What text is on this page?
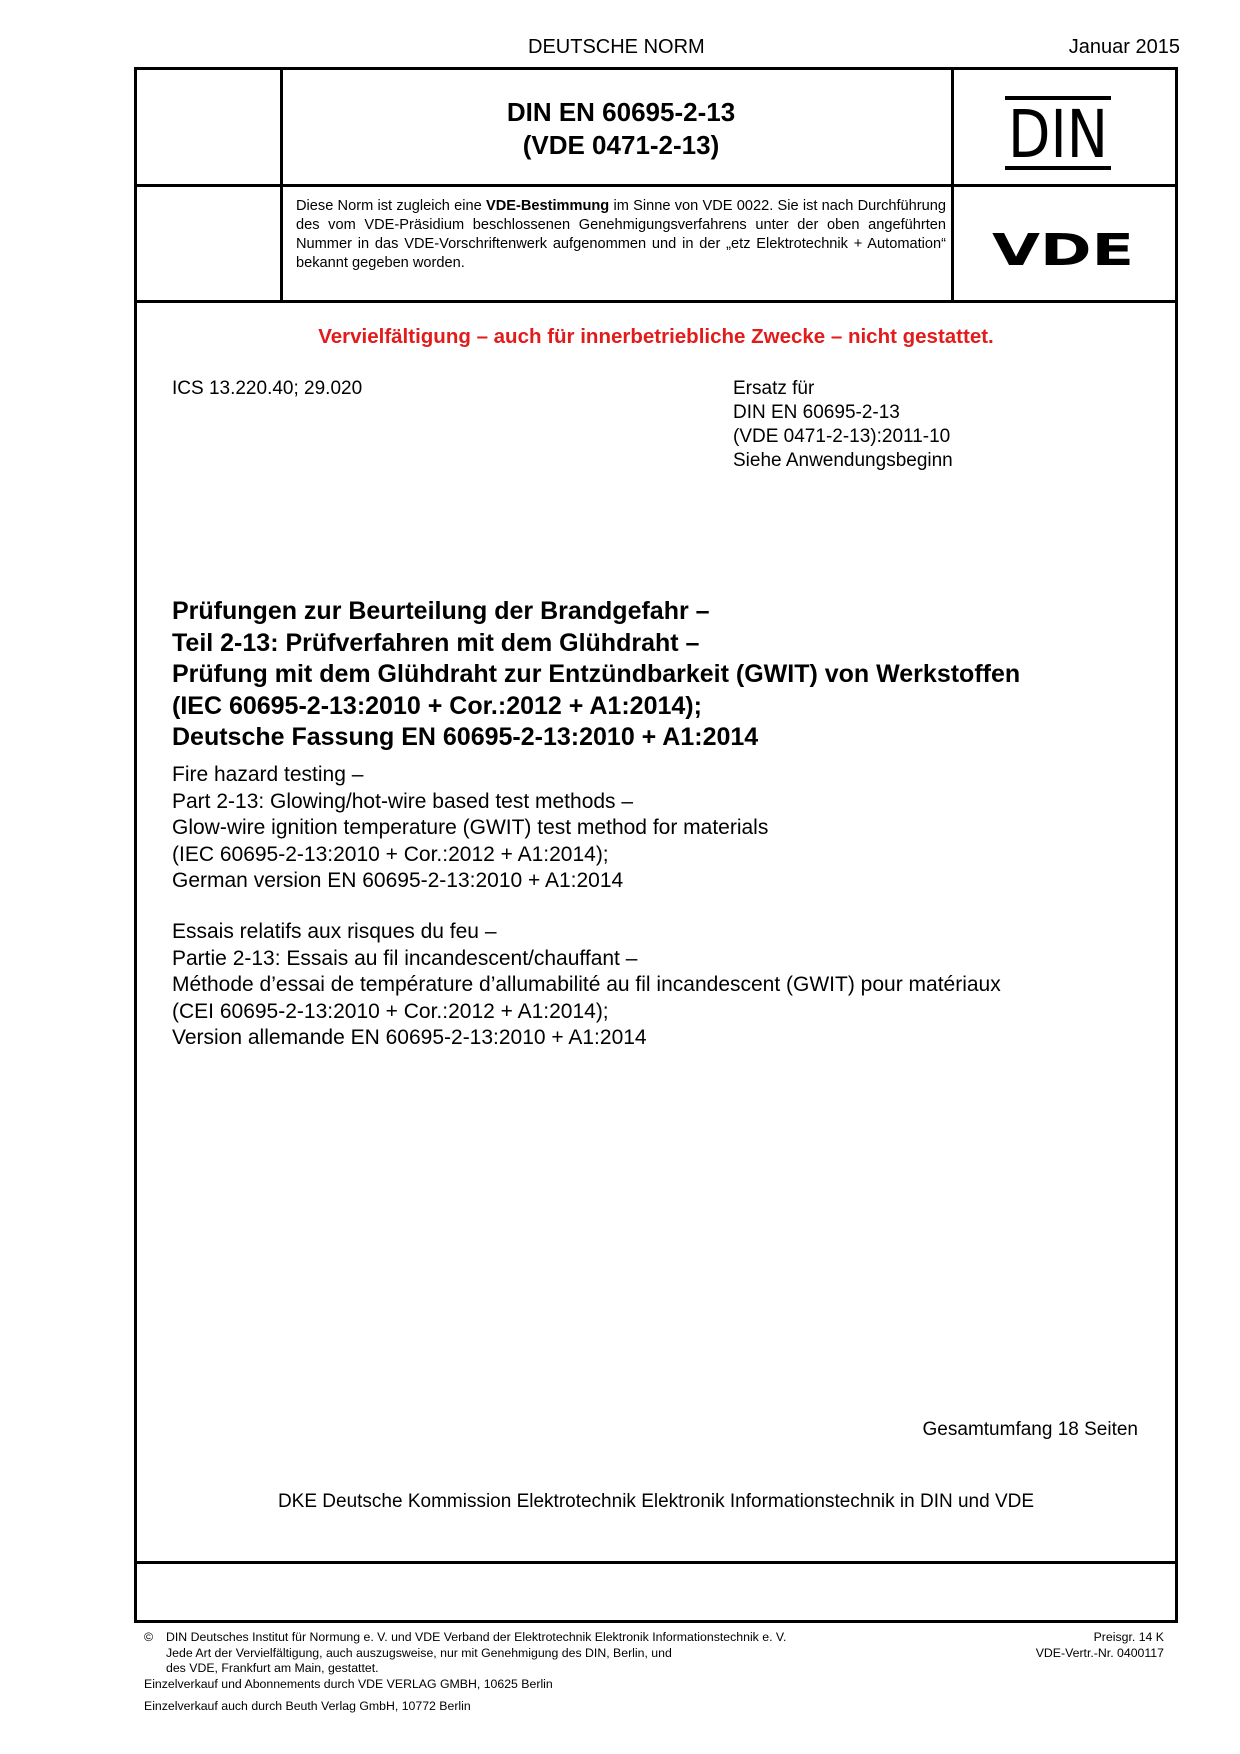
DEUTSCHE NORM	Januar 2015
DIN EN 60695-2-13
(VDE 0471-2-13)	DIN
Diese Norm ist zugleich eine VDE-Bestimmung im Sinne von VDE 0022. Sie ist nach Durchführung des vom VDE-Präsidium beschlossenen Genehmigungsverfahrens unter der oben angeführten Nummer in das VDE-Vorschriftenwerk aufgenommen und in der „etz Elektrotechnik + Automation“ bekannt gegeben worden.	VDE
Vervielfältigung – auch für innerbetriebliche Zwecke – nicht gestattet.
ICS 13.220.40; 29.020	Ersatz für
DIN EN 60695-2-13
(VDE 0471-2-13):2011-10
Siehe Anwendungsbeginn
Prüfungen zur Beurteilung der Brandgefahr –
Teil 2-13: Prüfverfahren mit dem Glühdraht –
Prüfung mit dem Glühdraht zur Entzündbarkeit (GWIT) von Werkstoffen
(IEC 60695-2-13:2010 + Cor.:2012 + A1:2014);
Deutsche Fassung EN 60695-2-13:2010 + A1:2014
Fire hazard testing –
Part 2-13: Glowing/hot-wire based test methods –
Glow-wire ignition temperature (GWIT) test method for materials
(IEC 60695-2-13:2010 + Cor.:2012 + A1:2014);
German version EN 60695-2-13:2010 + A1:2014
Essais relatifs aux risques du feu –
Partie 2-13: Essais au fil incandescent/chauffant –
Méthode d’essai de température d’allumabilité au fil incandescent (GWIT) pour matériaux
(CEI 60695-2-13:2010 + Cor.:2012 + A1:2014);
Version allemande EN 60695-2-13:2010 + A1:2014
Gesamtumfang 18 Seiten
DKE Deutsche Kommission Elektrotechnik Elektronik Informationstechnik in DIN und VDE
© DIN Deutsches Institut für Normung e. V. und VDE Verband der Elektrotechnik Elektronik Informationstechnik e. V.
Jede Art der Vervielfältigung, auch auszugsweise, nur mit Genehmigung des DIN, Berlin, und
des VDE, Frankfurt am Main, gestattet.
Preisgr. 14 K
VDE-Vertr.-Nr. 0400117
Einzelverkauf und Abonnements durch VDE VERLAG GMBH, 10625 Berlin
Einzelverkauf auch durch Beuth Verlag GmbH, 10772 Berlin
